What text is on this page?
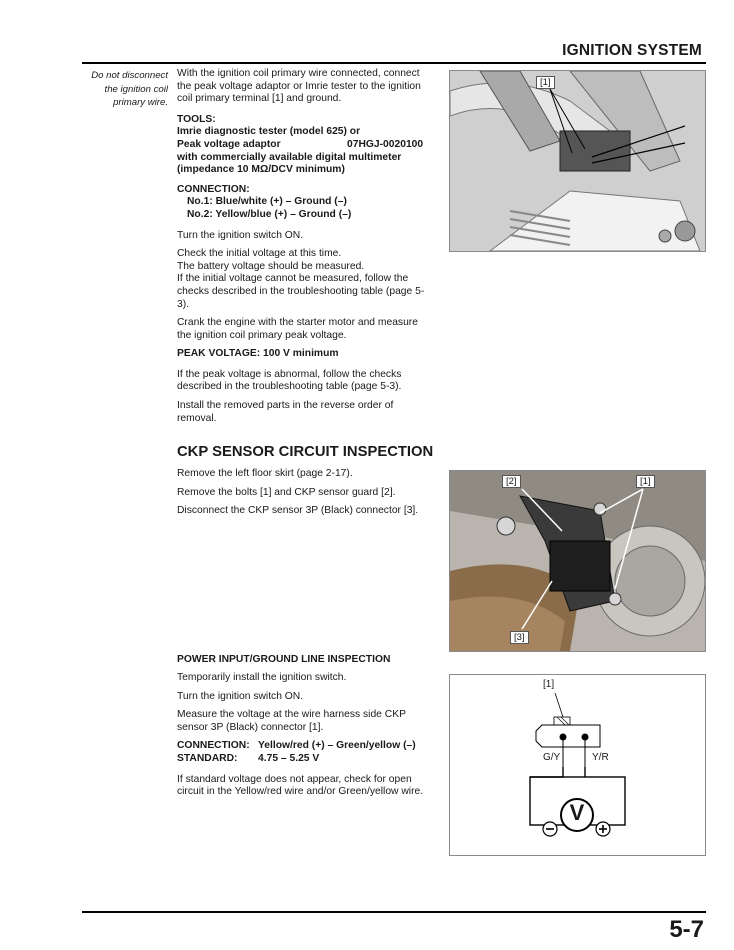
IGNITION SYSTEM
Do not disconnect
the ignition coil
primary wire.

With the ignition coil primary wire connected, connect
the peak voltage adaptor or Imrie tester to the ignition
coil primary terminal [1] and ground.

TOOLS:
Imrie diagnostic tester (model 625) or
Peak voltage adaptor	07HGJ-0020100
with commercially available digital multimeter
(impedance 10 MΩ/DCV minimum)
CONNECTION:
No.1: Blue/white (+) – Ground (–)
No.2: Yellow/blue (+) – Ground (–)

Turn the ignition switch ON.

Check the initial voltage at this time.
The battery voltage should be measured.
If the initial voltage cannot be measured, follow the
checks described in the troubleshooting table (page 5-
3).

Crank the engine with the starter motor and measure
the ignition coil primary peak voltage.

PEAK VOLTAGE: 100 V minimum

If the peak voltage is abnormal, follow the checks
described in the troubleshooting table (page 5-3).

Install the removed parts in the reverse order of
removal.

[1]
CKP SENSOR CIRCUIT INSPECTION

Remove the left floor skirt (page 2-17).

Remove the bolts [1] and CKP sensor guard [2].

Disconnect the CKP sensor 3P (Black) connector [3].

[2]	[1]
[3]
POWER INPUT/GROUND LINE INSPECTION

Temporarily install the ignition switch.

Turn the ignition switch ON.

Measure the voltage at the wire harness side CKP
sensor 3P (Black) connector [1].

CONNECTION: Yellow/red (+) – Green/yellow (–)
STANDARD:	4.75 – 5.25 V

If standard voltage does not appear, check for open
circuit in the Yellow/red wire and/or Green/yellow wire.

[1]
G/Y	Y/R
V
5-7
